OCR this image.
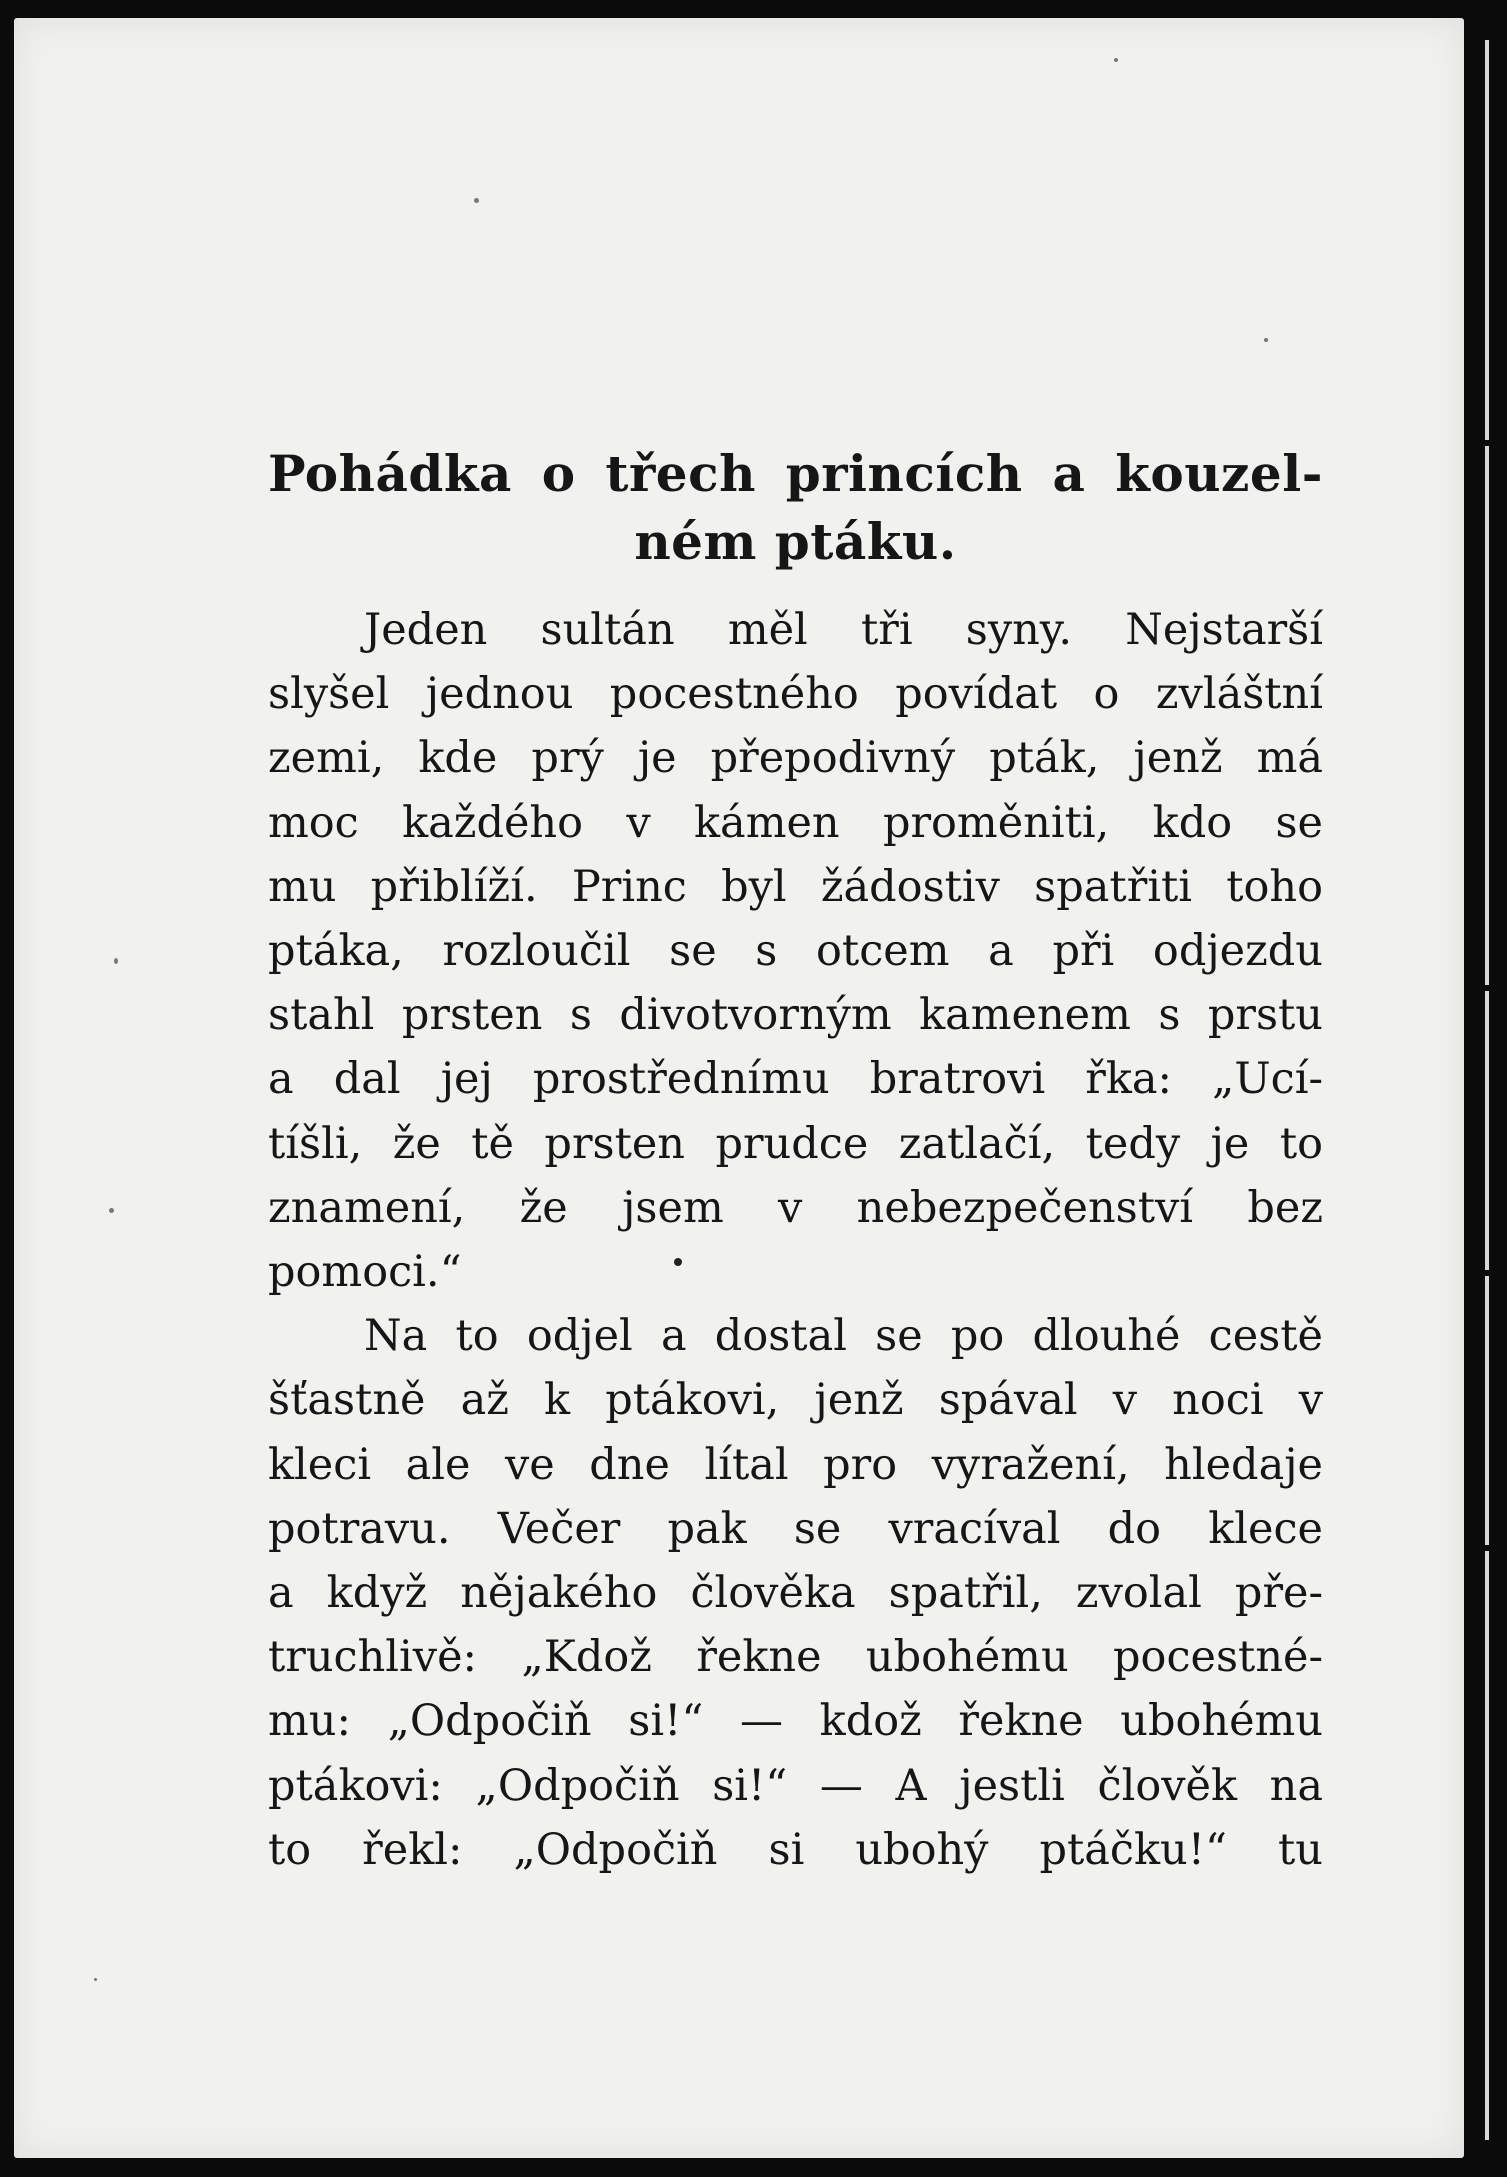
Pohádka o třech princích a kouzel-
ném ptáku.

Jeden sultán měl tři syny. Nejstarší
slyšel jednou pocestného povídat o zvláštní
zemi, kde prý je přepodivný pták, jenž má
moc každého v kámen proměniti, kdo se
mu přiblíží. Princ byl žádostiv spatřiti toho
ptáka, rozloučil se s otcem a při odjezdu
stahl prsten s divotvorným kamenem s prstu
a dal jej prostřednímu bratrovi řka: „Ucí-
tíšli, že tě prsten prudce zatlačí, tedy je to
znamení, že jsem v nebezpečenství bez
pomoci.“

Na to odjel a dostal se po dlouhé cestě
šťastně až k ptákovi, jenž spával v noci v
kleci ale ve dne lítal pro vyražení, hledaje
potravu. Večer pak se vracíval do klece
a když nějakého člověka spatřil, zvolal pře-
truchlivě: „Kdož řekne ubohému pocestné-
mu: „Odpočiň si!“ — kdož řekne ubohému
ptákovi: „Odpočiň si!“ — A jestli člověk na
to řekl: „Odpočiň si ubohý ptáčku!“ tu
